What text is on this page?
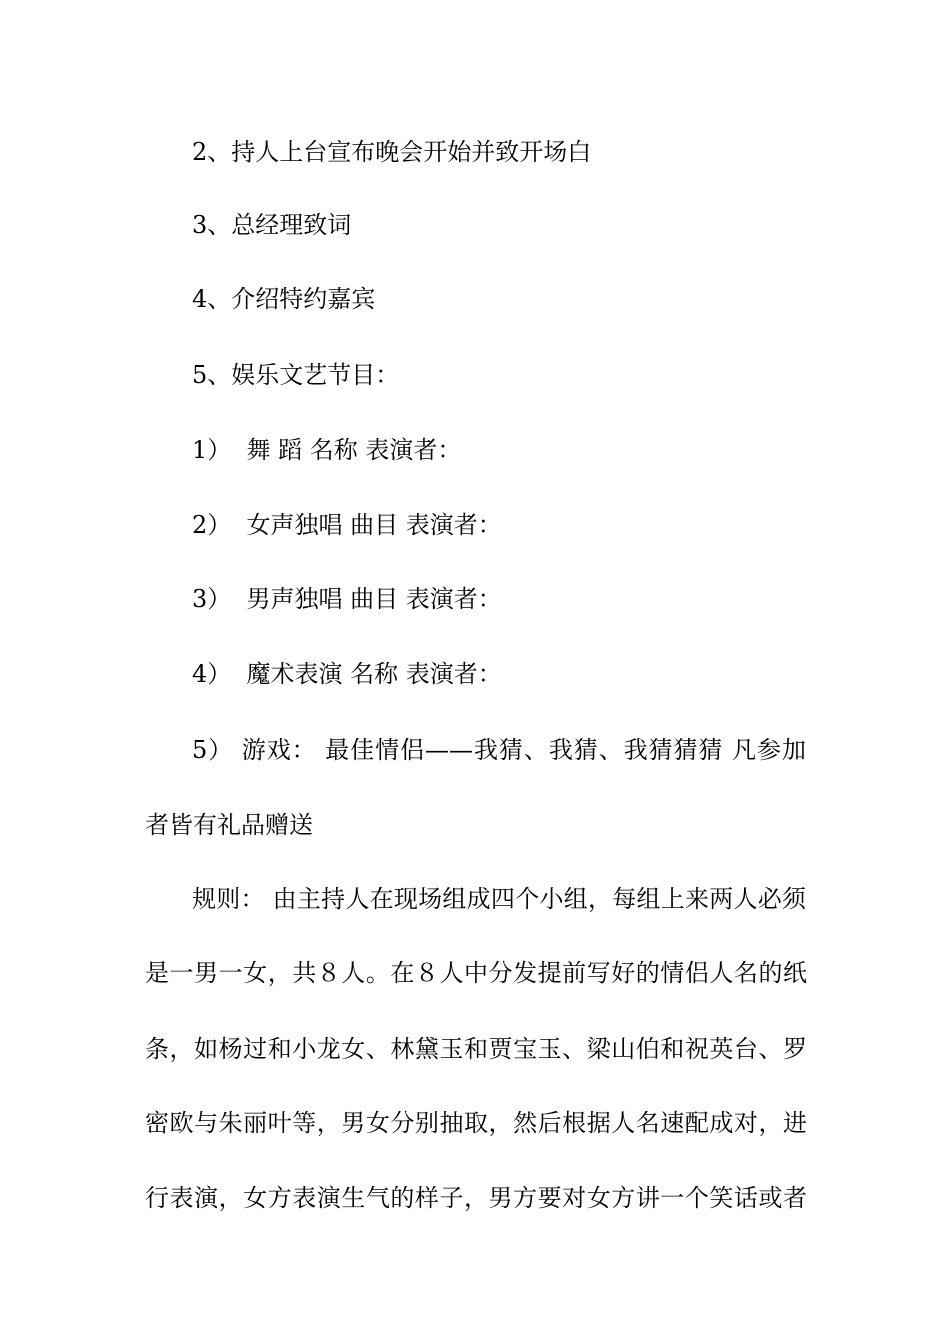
2、持人上台宣布晚会开始并致开场白

3、总经理致词

4、介绍特约嘉宾

5、娱乐文艺节目：

1）  舞 蹈 名称 表演者：

2）  女声独唱 曲目 表演者：

3）  男声独唱 曲目 表演者：

4）  魔术表演 名称 表演者：

5） 游戏： 最佳情侣——我猜、我猜、我猜猜猜 凡参加

者皆有礼品赠送

规则： 由主持人在现场组成四个小组，每组上来两人必须

是一男一女，共８人。在８人中分发提前写好的情侣人名的纸

条，如杨过和小龙女、林黛玉和贾宝玉、梁山伯和祝英台、罗

密欧与朱丽叶等，男女分别抽取，然后根据人名速配成对，进

行表演，女方表演生气的样子，男方要对女方讲一个笑话或者
